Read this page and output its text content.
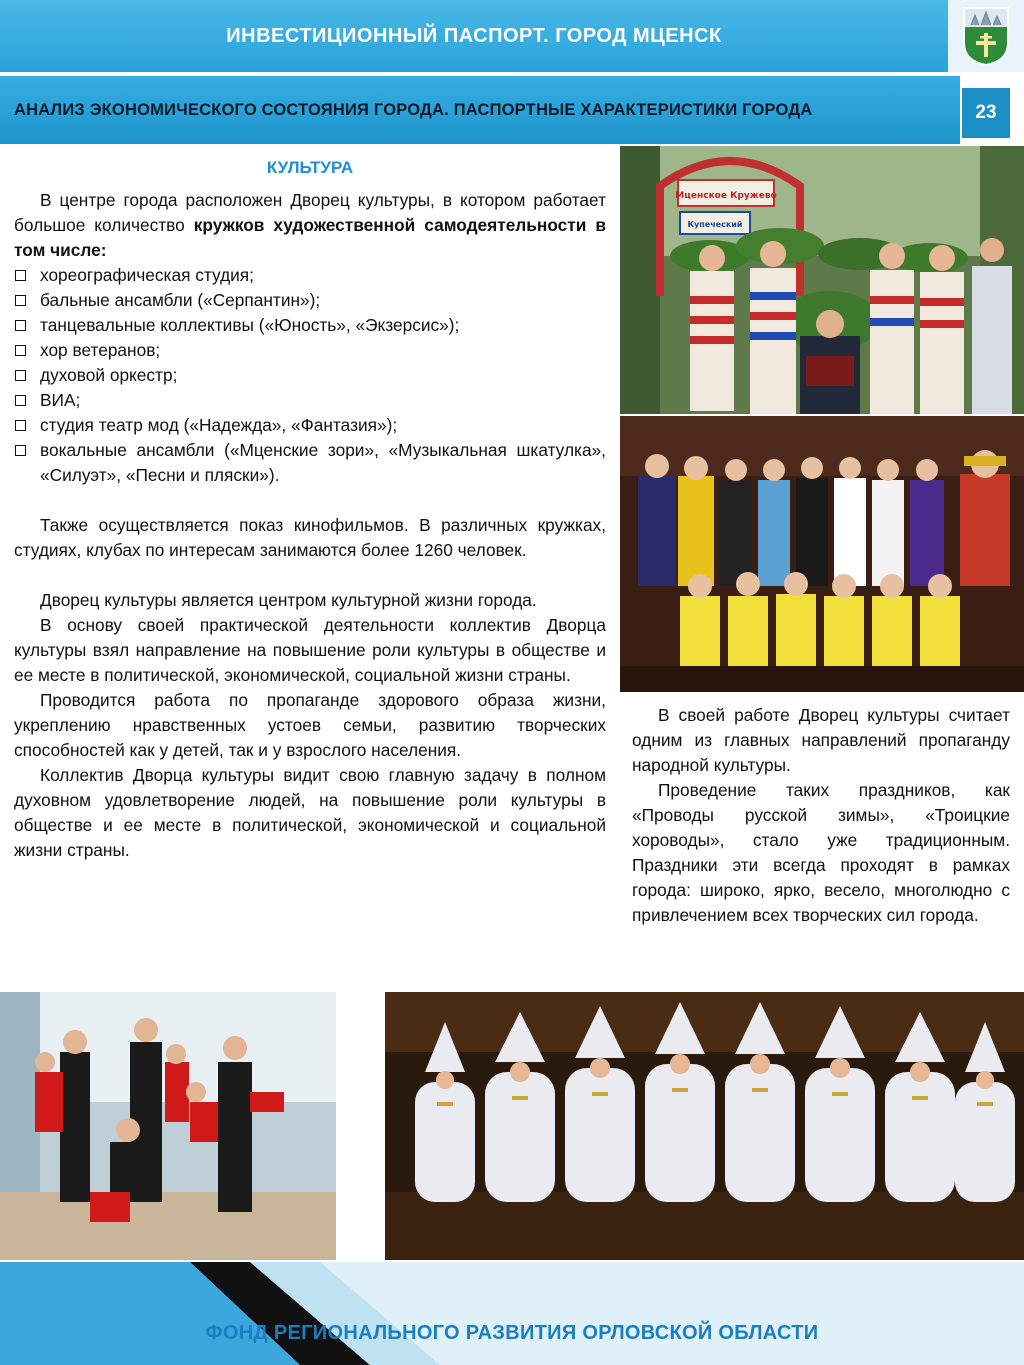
ИНВЕСТИЦИОННЫЙ ПАСПОРТ. ГОРОД МЦЕНСК
АНАЛИЗ ЭКОНОМИЧЕСКОГО СОСТОЯНИЯ ГОРОДА. ПАСПОРТНЫЕ ХАРАКТЕРИСТИКИ ГОРОДА	23
КУЛЬТУРА

В центре города расположен Дворец культуры, в котором работает большое количество кружков художественной самодеятельности в том числе:

хореографическая студия;
бальные ансамбли («Серпантин»);
танцевальные коллективы («Юность», «Экзерсис»);
хор ветеранов;
духовой оркестр;
ВИА;
студия театр мод («Надежда», «Фантазия»);
вокальные ансамбли («Мценские зори», «Музыкальная шкатулка», «Силуэт», «Песни и пляски»).

Также осуществляется показ кинофильмов. В различных кружках, студиях, клубах по интересам занимаются более 1260 человек.

Дворец культуры является центром культурной жизни города.

В основу своей практической деятельности коллектив Дворца культуры взял направление на повышение роли культуры в обществе и ее месте в политической, экономической, социальной жизни страны.

Проводится работа по пропаганде здорового образа жизни, укреплению нравственных устоев семьи, развитию творческих способностей как у детей, так и у взрослого населения.

Коллектив Дворца культуры видит свою главную задачу в полном духовном удовлетворение людей, на повышение роли культуры в обществе и ее месте в политической, экономической и социальной жизни страны.

В своей работе Дворец культуры считает одним из главных направлений пропаганду народной культуры.

Проведение таких праздников, как «Проводы русской зимы», «Троицкие хороводы», стало уже традиционным. Праздники эти всегда проходят в рамках города: широко, ярко, весело, многолюдно с привлечением всех творческих сил города.

Мценское Кружево
Купеческий
ФОНД РЕГИОНАЛЬНОГО РАЗВИТИЯ ОРЛОВСКОЙ ОБЛАСТИ
